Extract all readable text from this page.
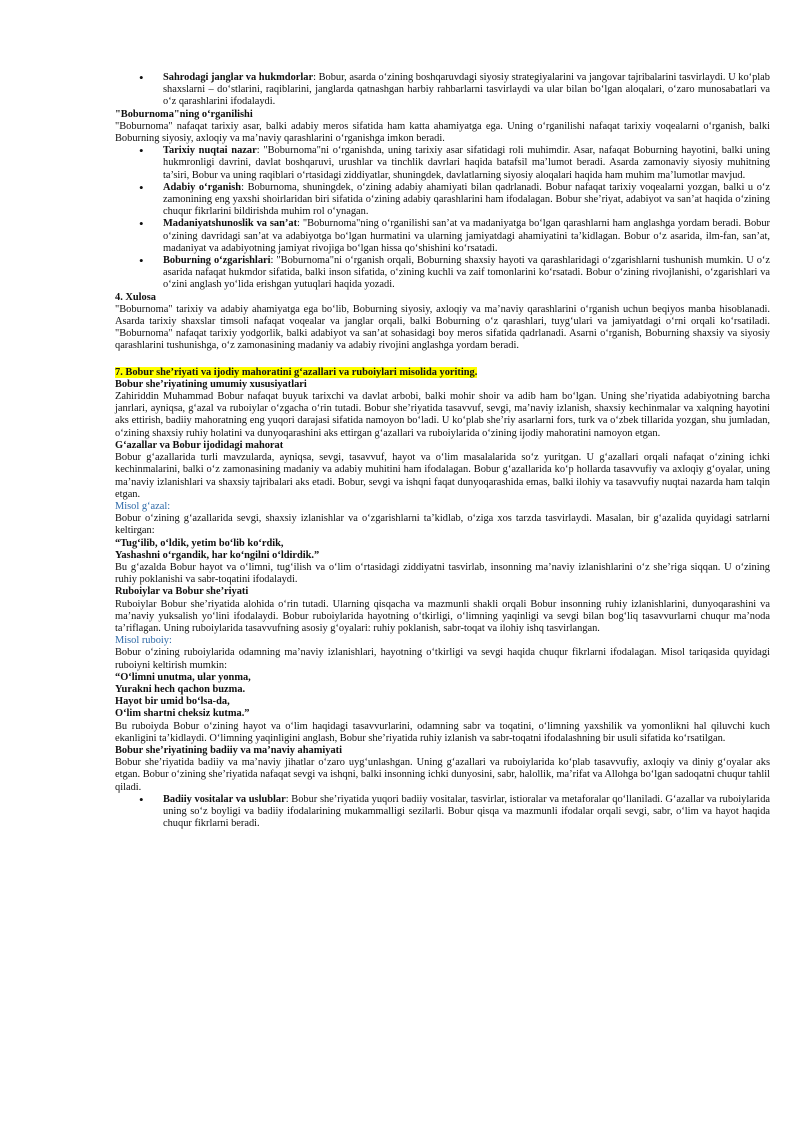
• Sahrodagi janglar va hukmdorlar: Bobur, asarda o‘zining boshqaruvdagi siyosiy strategiyalarini va jangovar tajribalarini tasvirlaydi. U ko‘plab shaxslarni – do‘stlarini, raqiblarini, janglarda qatnashgan harbiy rahbarlarni tasvirlaydi va ular bilan bo‘lgan aloqalari, o‘zaro munosabatlari va o‘z qarashlarini ifodalaydi.

"Boburnoma"ning o‘rganilishi

"Boburnoma" nafaqat tarixiy asar, balki adabiy meros sifatida ham katta ahamiyatga ega. Uning o‘rganilishi nafaqat tarixiy voqealarni o‘rganish, balki Boburning siyosiy, axloqiy va ma’naviy qarashlarini o‘rganishga imkon beradi.

• Tarixiy nuqtai nazar: "Boburnoma"ni o‘rganishda, uning tarixiy asar sifatidagi roli muhimdir. Asar, nafaqat Boburning hayotini, balki uning hukmronligi davrini, davlat boshqaruvi, urushlar va tinchlik davrlari haqida batafsil ma’lumot beradi. Asarda zamonaviy siyosiy muhitning ta’siri, Bobur va uning raqiblari o‘rtasidagi ziddiyatlar, shuningdek, davlatlarning siyosiy aloqalari haqida ham muhim ma’lumotlar mavjud.

• Adabiy o‘rganish: Boburnoma, shuningdek, o‘zining adabiy ahamiyati bilan qadrlanadi. Bobur nafaqat tarixiy voqealarni yozgan, balki u o‘z zamonining eng yaxshi shoirlaridan biri sifatida o‘zining adabiy qarashlarini ham ifodalagan. Bobur she’riyat, adabiyot va san’at haqida o‘zining chuqur fikrlarini bildirishda muhim rol o‘ynagan.

• Madaniyatshunoslik va san’at: "Boburnoma"ning o‘rganilishi san’at va madaniyatga bo‘lgan qarashlarni ham anglashga yordam beradi. Bobur o‘zining davridagi san’at va adabiyotga bo‘lgan hurmatini va ularning jamiyatdagi ahamiyatini ta’kidlagan. Bobur o‘z asarida, ilm-fan, san’at, madaniyat va adabiyotning jamiyat rivojiga bo‘lgan hissa qo‘shishini ko‘rsatadi.

• Boburning o‘zgarishlari: "Boburnoma"ni o‘rganish orqali, Boburning shaxsiy hayoti va qarashlaridagi o‘zgarishlarni tushunish mumkin. U o‘z asarida nafaqat hukmdor sifatida, balki inson sifatida, o‘zining kuchli va zaif tomonlarini ko‘rsatadi. Bobur o‘zining rivojlanishi, o‘zgarishlari va o‘zini anglash yo‘lida erishgan yutuqlari haqida yozadi.

4. Xulosa

"Boburnoma" tarixiy va adabiy ahamiyatga ega bo‘lib, Boburning siyosiy, axloqiy va ma’naviy qarashlarini o‘rganish uchun beqiyos manba hisoblanadi. Asarda tarixiy shaxslar timsoli nafaqat voqealar va janglar orqali, balki Boburning o‘z qarashlari, tuyg‘ulari va jamiyatdagi o‘rni orqali ko‘rsatiladi. "Boburnoma" nafaqat tarixiy yodgorlik, balki adabiyot va san’at sohasidagi boy meros sifatida qadrlanadi. Asarni o‘rganish, Boburning shaxsiy va siyosiy qarashlarini tushunishga, o‘z zamonasining madaniy va adabiy rivojini anglashga yordam beradi.

7. Bobur she’riyati va ijodiy mahoratini g‘azallari va ruboiylari misolida yoriting.

Bobur she’riyatining umumiy xususiyatlari

Zahiriddin Muhammad Bobur nafaqat buyuk tarixchi va davlat arbobi, balki mohir shoir va adib ham bo‘lgan. Uning she’riyatida adabiyotning barcha janrlari, ayniqsa, g‘azal va ruboiylar o‘zgacha o‘rin tutadi. Bobur she’riyatida tasavvuf, sevgi, ma’naviy izlanish, shaxsiy kechinmalar va xalqning hayotini aks ettirish, badiiy mahoratning eng yuqori darajasi sifatida namoyon bo‘ladi. U ko‘plab she’riy asarlarni fors, turk va o‘zbek tillarida yozgan, shu jumladan, o‘zining shaxsiy ruhiy holatini va dunyoqarashini aks ettirgan g‘azallari va ruboiylarida o‘zining ijodiy mahoratini namoyon etgan.

G‘azallar va Bobur ijodidagi mahorat

Bobur g‘azallarida turli mavzularda, ayniqsa, sevgi, tasavvuf, hayot va o‘lim masalalarida so‘z yuritgan. U g‘azallari orqali nafaqat o‘zining ichki kechinmalarini, balki o‘z zamonasining madaniy va adabiy muhitini ham ifodalagan. Bobur g‘azallarida ko‘p hollarda tasavvufiy va axloqiy g‘oyalar, uning ma’naviy izlanishlari va shaxsiy tajribalari aks etadi. Bobur, sevgi va ishqni faqat dunyoqarashida emas, balki ilohiy va tasavvufiy nuqtai nazarda ham talqin etgan.

Misol g‘azal:

Bobur o‘zining g‘azallarida sevgi, shaxsiy izlanishlar va o‘zgarishlarni ta’kidlab, o‘ziga xos tarzda tasvirlaydi. Masalan, bir g‘azalida quyidagi satrlarni keltirgan:

“Tug‘ilib, o‘ldik, yetim bo‘lib ko‘rdik,

Yashashni o‘rgandik, har ko‘ngilni o‘ldirdik.”

Bu g‘azalda Bobur hayot va o‘limni, tug‘ilish va o‘lim o‘rtasidagi ziddiyatni tasvirlab, insonning ma’naviy izlanishlarini o‘z she’riga siqqan. U o‘zining ruhiy poklanishi va sabr-toqatini ifodalaydi.

Ruboiylar va Bobur she’riyati

Ruboiylar Bobur she’riyatida alohida o‘rin tutadi. Ularning qisqacha va mazmunli shakli orqali Bobur insonning ruhiy izlanishlarini, dunyoqarashini va ma’naviy yuksalish yo‘lini ifodalaydi. Bobur ruboiylarida hayotning o‘tkirligi, o‘limning yaqinligi va sevgi bilan bog‘liq tasavvurlarni chuqur ma’noda ta’riflagan. Uning ruboiylarida tasavvufning asosiy g‘oyalari: ruhiy poklanish, sabr-toqat va ilohiy ishq tasvirlangan.

Misol ruboiy:

Bobur o‘zining ruboiylarida odamning ma’naviy izlanishlari, hayotning o‘tkirligi va sevgi haqida chuqur fikrlarni ifodalagan. Misol tariqasida quyidagi ruboiyni keltirish mumkin:

“O‘limni unutma, ular yonma,

Yurakni hech qachon buzma.

Hayot bir umid bo‘lsa-da,

O‘lim shartni cheksiz kutma.”

Bu ruboiyda Bobur o‘zining hayot va o‘lim haqidagi tasavvurlarini, odamning sabr va toqatini, o‘limning yaxshilik va yomonlikni hal qiluvchi kuch ekanligini ta’kidlaydi. O‘limning yaqinligini anglash, Bobur she’riyatida ruhiy izlanish va sabr-toqatni ifodalashning bir usuli sifatida ko‘rsatilgan.

Bobur she’riyatining badiiy va ma’naviy ahamiyati

Bobur she’riyatida badiiy va ma’naviy jihatlar o‘zaro uyg‘unlashgan. Uning g‘azallari va ruboiylarida ko‘plab tasavvufiy, axloqiy va diniy g‘oyalar aks etgan. Bobur o‘zining she’riyatida nafaqat sevgi va ishqni, balki insonning ichki dunyosini, sabr, halollik, ma’rifat va Allohga bo‘lgan sadoqatni chuqur tahlil qiladi.

• Badiiy vositalar va uslublar: Bobur she’riyatida yuqori badiiy vositalar, tasvirlar, istioralar va metaforalar qo‘llaniladi. G‘azallar va ruboiylarida uning so‘z boyligi va badiiy ifodalarining mukammalligi sezilarli. Bobur qisqa va mazmunli ifodalar orqali sevgi, sabr, o‘lim va hayot haqida chuqur fikrlarni beradi.
